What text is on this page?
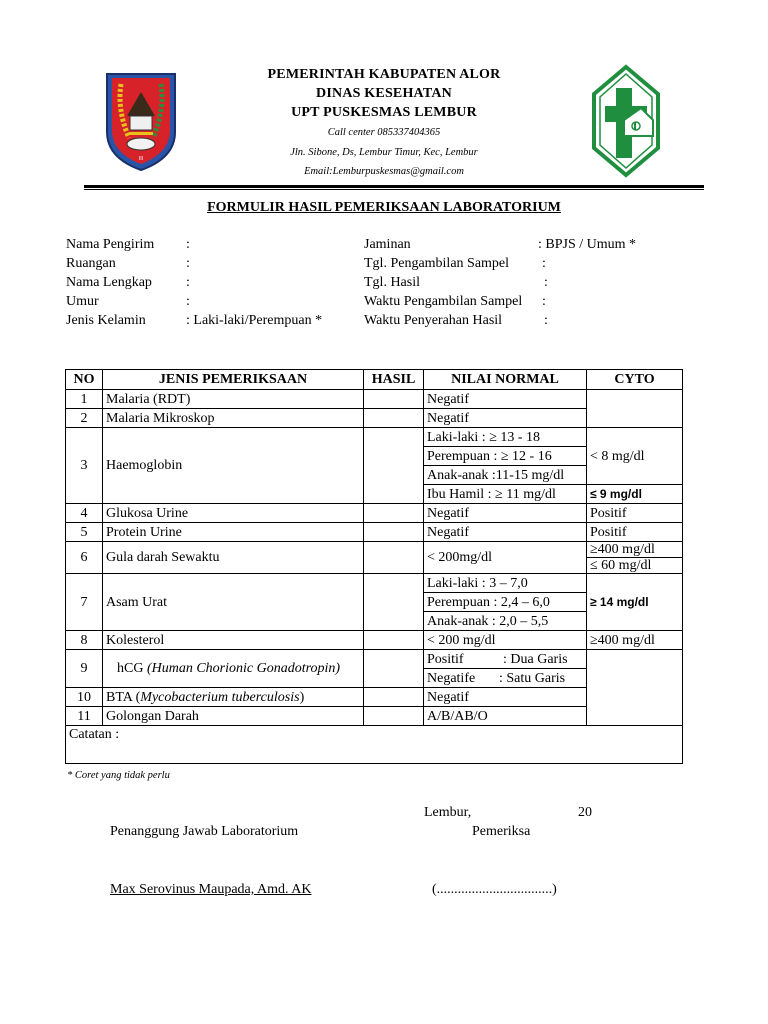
III
PEMERINTAH KABUPATEN ALOR
DINAS KESEHATAN
UPT PUSKESMAS LEMBUR
Call center 085337404365
Jln. Sibone, Ds, Lembur Timur, Kec, Lembur
Email:Lemburpuskesmas@gmail.com
FORMULIR HASIL PEMERIKSAAN LABORATORIUM
Nama Pengirim :
Ruangan	:
Nama Lengkap :
Umur	:
Jenis Kelamin	: Laki-laki/Perempuan *
Jaminan	: BPJS / Umum *
Tgl. Pengambilan Sampel :
Tgl. Hasil	:
Waktu Pengambilan Sampel :
Waktu Penyerahan Hasil	:
NO	JENIS PEMERIKSAAN	HASIL	NILAI NORMAL	CYTO
1	Malaria (RDT)		Negatif	
2	Malaria Mikroskop		Negatif	
3	Haemoglobin		Laki-laki : ≥ 13 - 18	< 8 mg/dl
			Perempuan : ≥ 12 - 16	
			Anak-anak :11-15 mg/dl	
			Ibu Hamil : ≥ 11 mg/dl	≤ 9 mg/dl
4	Glukosa Urine		Negatif	Positif
5	Protein Urine		Negatif	Positif
6	Gula darah Sewaktu		< 200mg/dl	≥400 mg/dl
				≤ 60 mg/dl
7	Asam Urat		Laki-laki : 3 – 7,0	≥ 14 mg/dl
			Perempuan : 2,4 – 6,0	
			Anak-anak : 2,0 – 5,5	
8	Kolesterol		< 200 mg/dl	≥400 mg/dl
9	hCG (Human Chorionic Gonadotropin)		Positif : Dua Garis	
			Negatife : Satu Garis	
10	BTA (Mycobacterium tuberculosis)		Negatif	
11	Golongan Darah		A/B/AB/O	
Catatan :				
* Coret yang tidak perlu
Lembur,	20
Penanggung Jawab Laboratorium	Pemeriksa
Max Serovinus Maupada, Amd. AK	(.................................)
